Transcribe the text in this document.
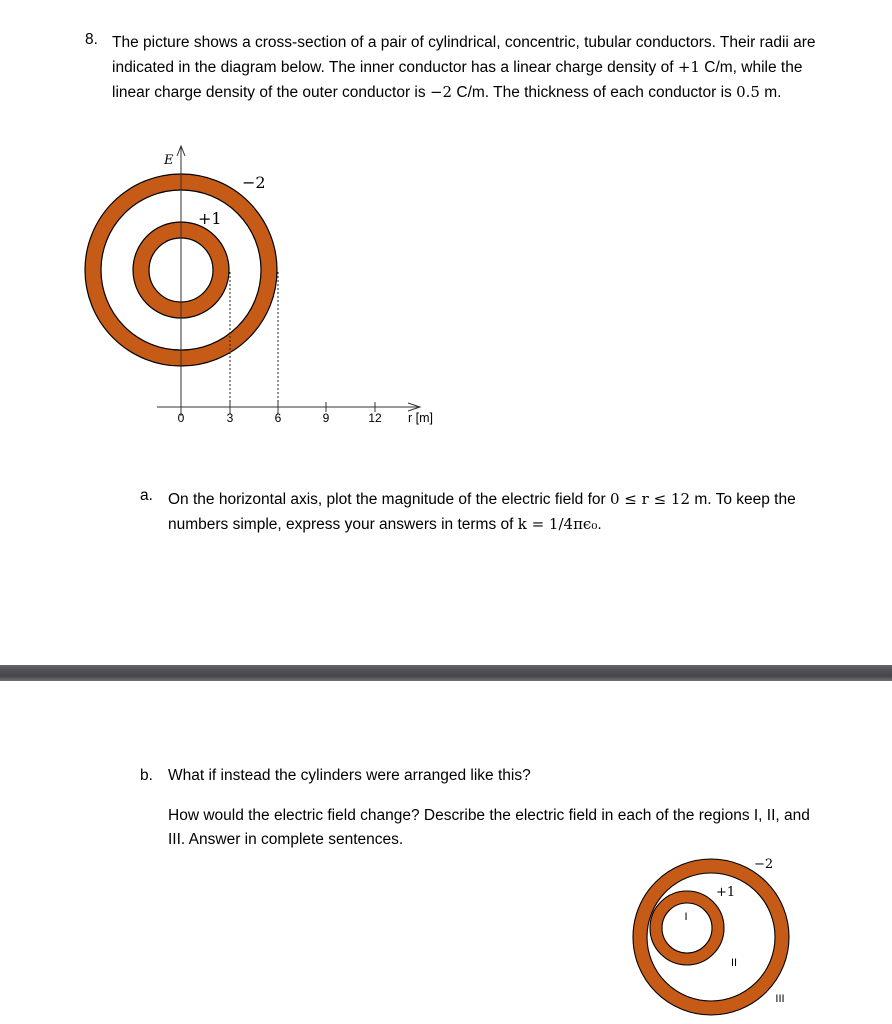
8. The picture shows a cross-section of a pair of cylindrical, concentric, tubular conductors. Their radii are indicated in the diagram below. The inner conductor has a linear charge density of +1 C/m, while the linear charge density of the outer conductor is −2 C/m. The thickness of each conductor is 0.5 m.
E
0	3	6	9	12 r [m]
−2
+1
a. On the horizontal axis, plot the magnitude of the electric field for 0 ≤ r ≤ 12 m. To keep the numbers simple, express your answers in terms of k = 1/4πϵ₀.
b. What if instead the cylinders were arranged like this?
How would the electric field change? Describe the electric field in each of the regions I, II, and III. Answer in complete sentences.
−2
+1
I
II
III
